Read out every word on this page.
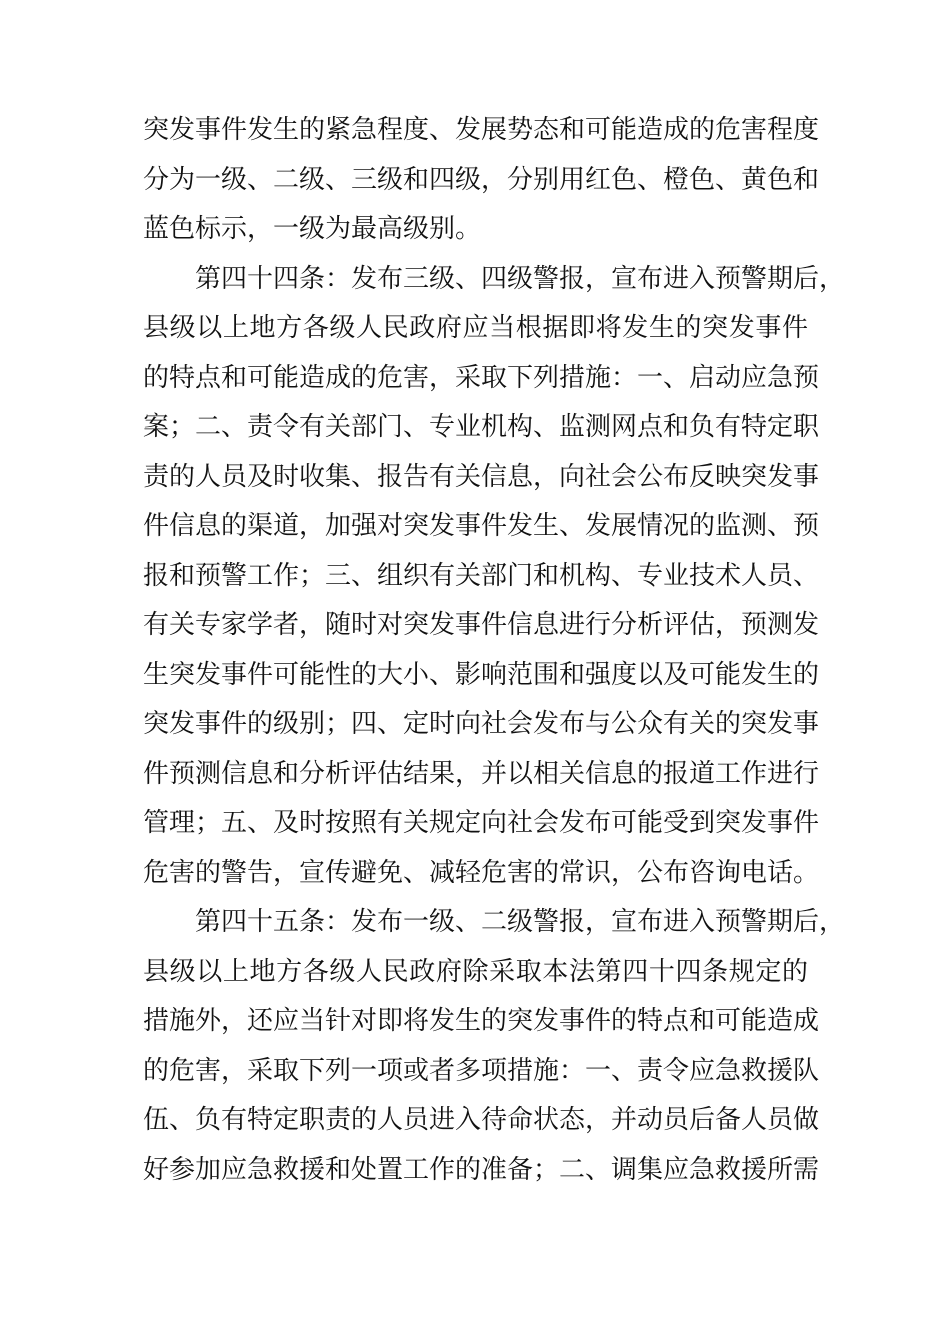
突发事件发生的紧急程度、发展势态和可能造成的危害程度
分为一级、二级、三级和四级，分别用红色、橙色、黄色和
蓝色标示，一级为最高级别。
第四十四条：发布三级、四级警报，宣布进入预警期后，
县级以上地方各级人民政府应当根据即将发生的突发事件
的特点和可能造成的危害，采取下列措施：一、启动应急预
案；二、责令有关部门、专业机构、监测网点和负有特定职
责的人员及时收集、报告有关信息，向社会公布反映突发事
件信息的渠道，加强对突发事件发生、发展情况的监测、预
报和预警工作；三、组织有关部门和机构、专业技术人员、
有关专家学者，随时对突发事件信息进行分析评估，预测发
生突发事件可能性的大小、影响范围和强度以及可能发生的
突发事件的级别；四、定时向社会发布与公众有关的突发事
件预测信息和分析评估结果，并以相关信息的报道工作进行
管理；五、及时按照有关规定向社会发布可能受到突发事件
危害的警告，宣传避免、减轻危害的常识，公布咨询电话。
第四十五条：发布一级、二级警报，宣布进入预警期后，
县级以上地方各级人民政府除采取本法第四十四条规定的
措施外，还应当针对即将发生的突发事件的特点和可能造成
的危害，采取下列一项或者多项措施：一、责令应急救援队
伍、负有特定职责的人员进入待命状态，并动员后备人员做
好参加应急救援和处置工作的准备；二、调集应急救援所需
